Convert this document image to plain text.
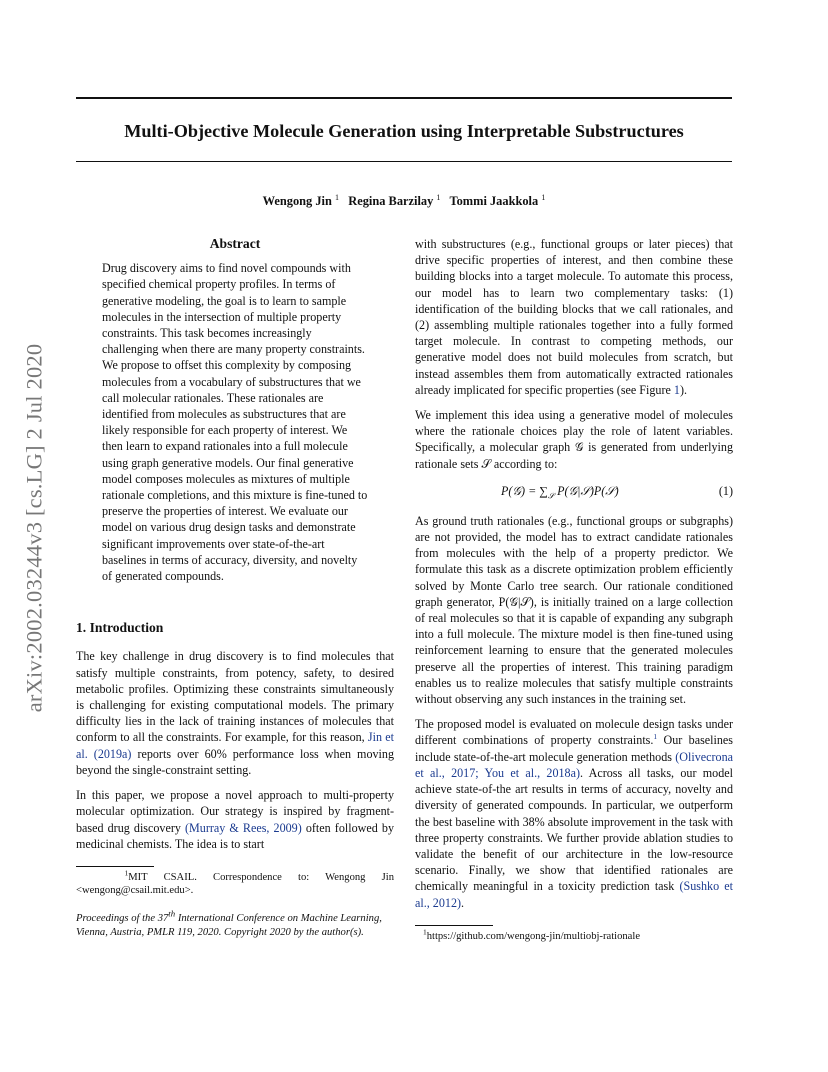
Multi-Objective Molecule Generation using Interpretable Substructures
Wengong Jin $^1$ Regina Barzilay $^1$ Tommi Jaakkola $^1$
arXiv:2002.03244v3 [cs.LG] 2 Jul 2020
Abstract

Drug discovery aims to find novel compounds with specified chemical property profiles. In terms of generative modeling, the goal is to learn to sample molecules in the intersection of multiple property constraints. This task becomes increasingly challenging when there are many property constraints. We propose to offset this complexity by composing molecules from a vocabulary of substructures that we call molecular rationales. These rationales are identified from molecules as substructures that are likely responsible for each property of interest. We then learn to expand rationales into a full molecule using graph generative models. Our final generative model composes molecules as mixtures of multiple rationale completions, and this mixture is fine-tuned to preserve the properties of interest. We evaluate our model on various drug design tasks and demonstrate significant improvements over state-of-the-art baselines in terms of accuracy, diversity, and novelty of generated compounds.

1. Introduction

The key challenge in drug discovery is to find molecules that satisfy multiple constraints, from potency, safety, to desired metabolic profiles. Optimizing these constraints simultaneously is challenging for existing computational models. The primary difficulty lies in the lack of training instances of molecules that conform to all the constraints. For example, for this reason, Jin et al. (2019a) reports over 60% performance loss when moving beyond the single-constraint setting.

In this paper, we propose a novel approach to multi-property molecular optimization. Our strategy is inspired by fragment-based drug discovery (Murray & Rees, 2009) often followed by medicinal chemists. The idea is to start

$^1$MIT CSAIL. Correspondence to: Wengong Jin <wengong@csail.mit.edu>.

Proceedings of the 37th International Conference on Machine Learning, Vienna, Austria, PMLR 119, 2020. Copyright 2020 by the author(s).

with substructures (e.g., functional groups or later pieces) that drive specific properties of interest, and then combine these building blocks into a target molecule. To automate this process, our model has to learn two complementary tasks: (1) identification of the building blocks that we call rationales, and (2) assembling multiple rationales together into a fully formed target molecule. In contrast to competing methods, our generative model does not build molecules from scratch, but instead assembles them from automatically extracted rationales already implicated for specific properties (see Figure 1).

We implement this idea using a generative model of molecules where the rationale choices play the role of latent variables. Specifically, a molecular graph 𝒢 is generated from underlying rationale sets 𝒮 according to:

P(𝒢) = $\sum_𝒮$ P(𝒢|𝒮)P(𝒮)	(1)

As ground truth rationales (e.g., functional groups or subgraphs) are not provided, the model has to extract candidate rationales from molecules with the help of a property predictor. We formulate this task as a discrete optimization problem efficiently solved by Monte Carlo tree search. Our rationale conditioned graph generator, P(𝒢|𝒮), is initially trained on a large collection of real molecules so that it is capable of expanding any subgraph into a full molecule. The mixture model is then fine-tuned using reinforcement learning to ensure that the generated molecules preserve all the properties of interest. This training paradigm enables us to realize molecules that satisfy multiple constraints without observing any such instances in the training set.

The proposed model is evaluated on molecule design tasks under different combinations of property constraints.$^1$ Our baselines include state-of-the-art molecule generation methods (Olivecrona et al., 2017; You et al., 2018a). Across all tasks, our model achieve state-of-the art results in terms of accuracy, novelty and diversity of generated compounds. In particular, we outperform the best baseline with 38% absolute improvement in the task with three property constraints. We further provide ablation studies to validate the benefit of our architecture in the low-resource scenario. Finally, we show that identified rationales are chemically meaningful in a toxicity prediction task (Sushko et al., 2012).

$^1$https://github.com/wengong-jin/multiobj-rationale
